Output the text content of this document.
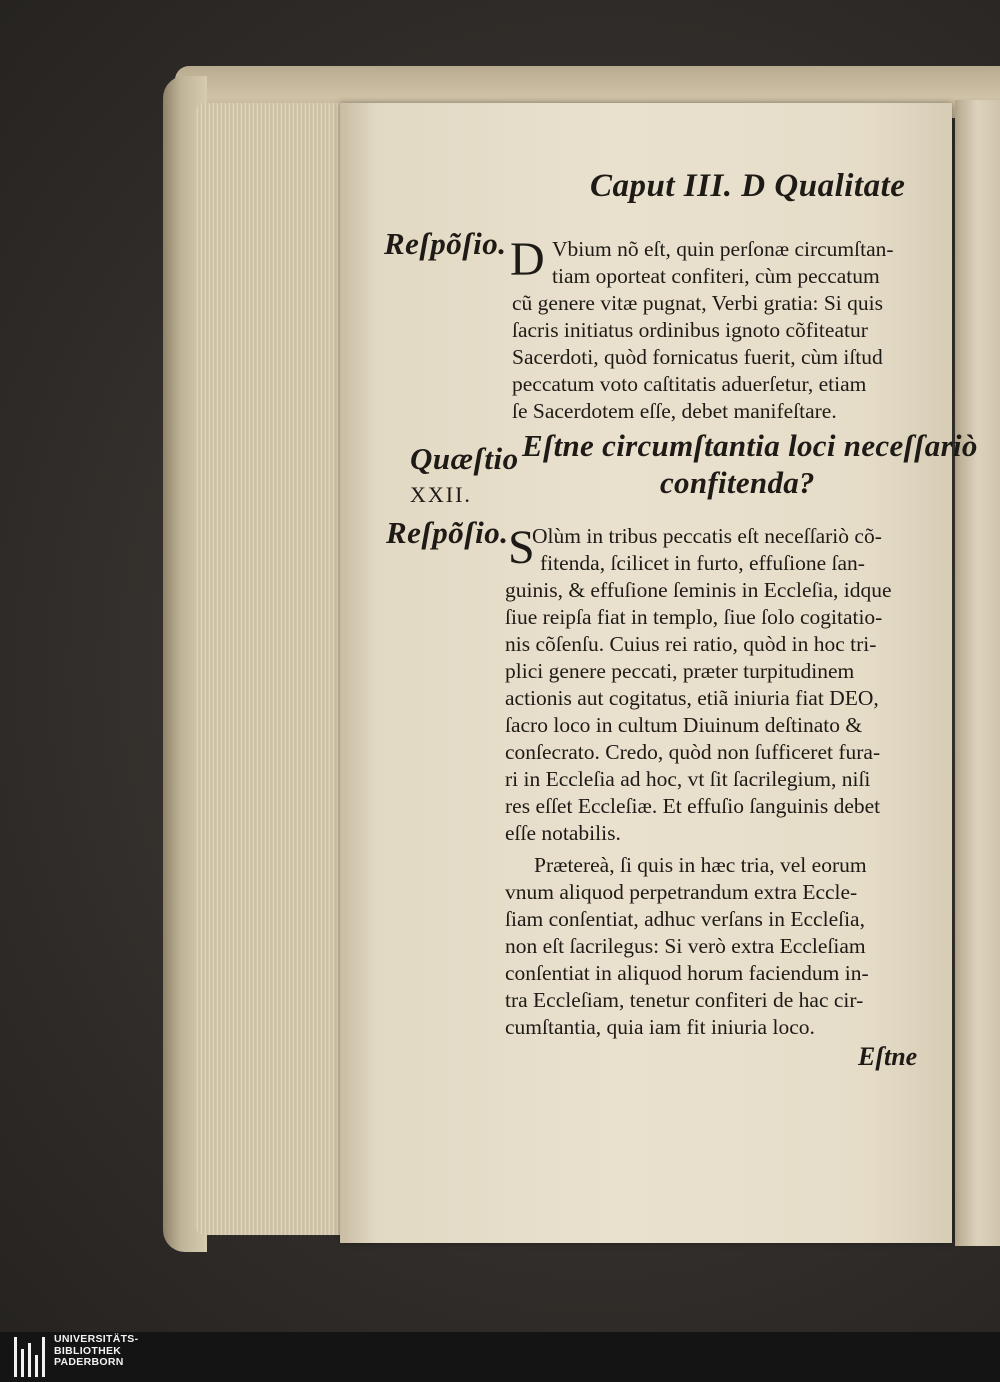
Caput III. D Qualitate
Reſpõſio. D Vbium nõ eſt, quin perſonæ circumſtan-
tiam oporteat confiteri, cùm peccatum
cũ genere vitæ pugnat, Verbi gratia: Si quis
ſacris initiatus ordinibus ignoto cõfiteatur
Sacerdoti, quòd fornicatus fuerit, cùm iſtud
peccatum voto caſtitatis aduerſetur, etiam
ſe Sacerdotem eſſe, debet manifeſtare.
Quæſtio
XXII.
Eſtne circumſtantia loci neceſſariò
confitenda?
Reſpõſio. S
Olùm in tribus peccatis eſt neceſſariò cõ-
fitenda, ſcilicet in furto, effuſione ſan-
guinis, & effuſione ſeminis in Eccleſia, idque
ſiue reipſa fiat in templo, ſiue ſolo cogitatio-
nis cõſenſu. Cuius rei ratio, quòd in hoc tri-
plici genere peccati, præter turpitudinem
actionis aut cogitatus, etiã iniuria fiat DEO,
ſacro loco in cultum Diuinum deſtinato &
conſecrato. Credo, quòd non ſufficeret fura-
ri in Eccleſia ad hoc, vt ſit ſacrilegium, niſi
res eſſet Eccleſiæ. Et effuſio ſanguinis debet
eſſe notabilis.
Prætereà, ſi quis in hæc tria, vel eorum
vnum aliquod perpetrandum extra Eccle-
ſiam conſentiat, adhuc verſans in Eccleſia,
non eſt ſacrilegus: Si verò extra Eccleſiam
conſentiat in aliquod horum faciendum in-
tra Eccleſiam, tenetur confiteri de hac cir-
cumſtantia, quia iam fit iniuria loco.
Eſtne
UNIVERSITÄTS-
BIBLIOTHEK
PADERBORN
